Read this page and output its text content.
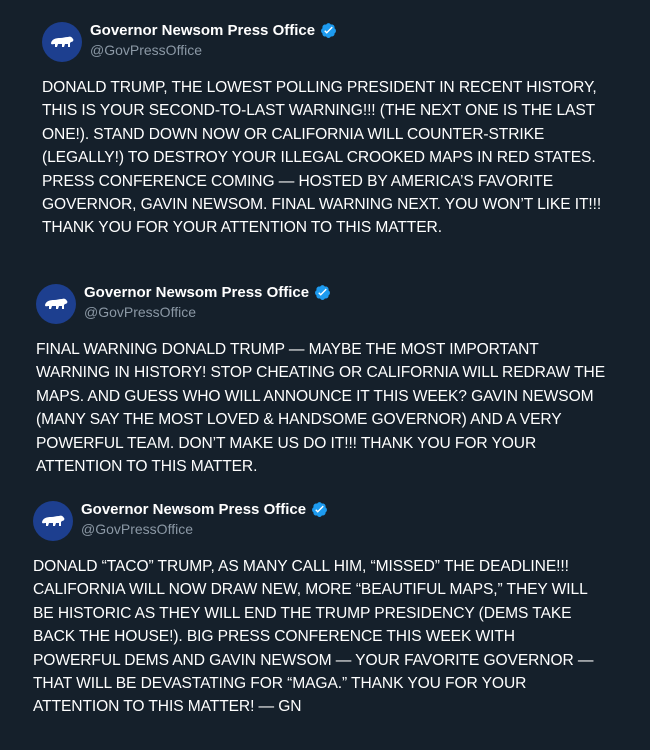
Governor Newsom Press Office
@GovPressOffice
DONALD TRUMP, THE LOWEST POLLING PRESIDENT IN RECENT HISTORY, THIS IS YOUR SECOND-TO-LAST WARNING!!! (THE NEXT ONE IS THE LAST ONE!). STAND DOWN NOW OR CALIFORNIA WILL COUNTER-STRIKE (LEGALLY!) TO DESTROY YOUR ILLEGAL CROOKED MAPS IN RED STATES. PRESS CONFERENCE COMING — HOSTED BY AMERICA’S FAVORITE GOVERNOR, GAVIN NEWSOM. FINAL WARNING NEXT. YOU WON’T LIKE IT!!! THANK YOU FOR YOUR ATTENTION TO THIS MATTER.
Governor Newsom Press Office
@GovPressOffice
FINAL WARNING DONALD TRUMP — MAYBE THE MOST IMPORTANT WARNING IN HISTORY! STOP CHEATING OR CALIFORNIA WILL REDRAW THE MAPS. AND GUESS WHO WILL ANNOUNCE IT THIS WEEK? GAVIN NEWSOM (MANY SAY THE MOST LOVED & HANDSOME GOVERNOR) AND A VERY POWERFUL TEAM. DON’T MAKE US DO IT!!! THANK YOU FOR YOUR ATTENTION TO THIS MATTER.
Governor Newsom Press Office
@GovPressOffice
DONALD “TACO” TRUMP, AS MANY CALL HIM, “MISSED” THE DEADLINE!!! CALIFORNIA WILL NOW DRAW NEW, MORE “BEAUTIFUL MAPS,” THEY WILL BE HISTORIC AS THEY WILL END THE TRUMP PRESIDENCY (DEMS TAKE BACK THE HOUSE!). BIG PRESS CONFERENCE THIS WEEK WITH POWERFUL DEMS AND GAVIN NEWSOM — YOUR FAVORITE GOVERNOR — THAT WILL BE DEVASTATING FOR “MAGA.” THANK YOU FOR YOUR ATTENTION TO THIS MATTER! — GN
